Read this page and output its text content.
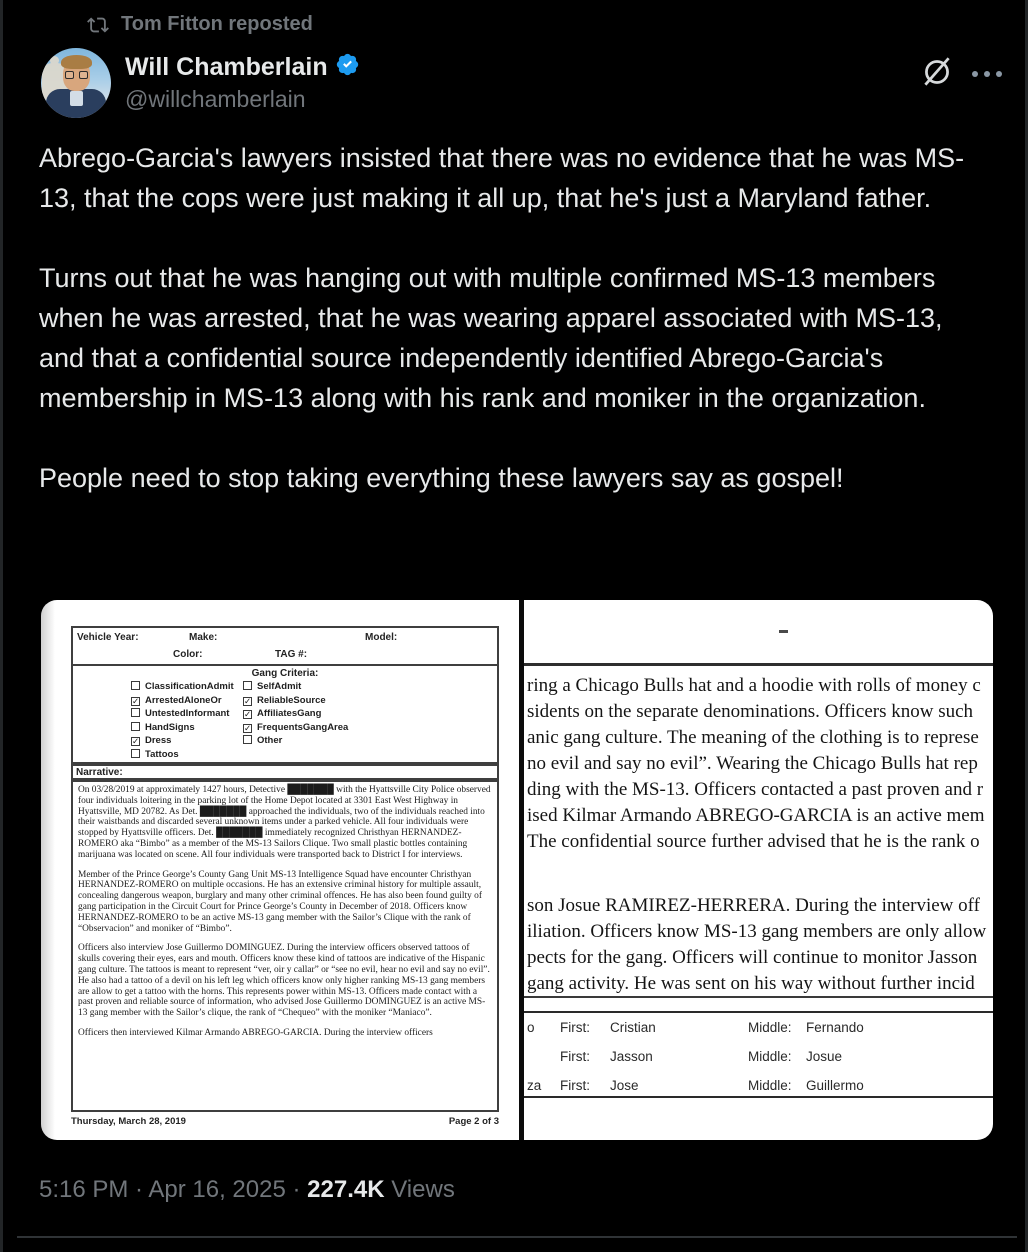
Tom Fitton reposted
Will Chamberlain
@willchamberlain

Abrego-Garcia's lawyers insisted that there was no evidence that he was MS-13, that the cops were just making it all up, that he's just a Maryland father.

Turns out that he was hanging out with multiple confirmed MS-13 members when he was arrested, that he was wearing apparel associated with MS-13, and that a confidential source independently identified Abrego-Garcia's membership in MS-13 along with his rank and moniker in the organization.

People need to stop taking everything these lawyers say as gospel!

Vehicle Year:	Make:	Model:
Color:	TAG #:
Gang Criteria:
ClassificationAdmit	SelfAdmit
✓ ArrestedAloneOr	✓ ReliableSource
UntestedInformant	✓ AffiliatesGang
HandSigns	✓ FrequentsGangArea
✓ Dress	Other
Tattoos
Narrative:

On 03/28/2019 at approximately 1427 hours, Detective ███████ with the Hyattsville City Police observed four individuals loitering in the parking lot of the Home Depot located at 3301 East West Highway in Hyattsville, MD 20782. As Det. ███████ approached the individuals, two of the individuals reached into their waistbands and discarded several unknown items under a parked vehicle. All four individuals were stopped by Hyattsville officers. Det. ███████ immediately recognized Christhyan HERNANDEZ-ROMERO aka “Bimbo” as a member of the MS-13 Sailors Clique. Two small plastic bottles containing marijuana was located on scene. All four individuals were transported back to District I for interviews.

Member of the Prince George’s County Gang Unit MS-13 Intelligence Squad have encounter Christhyan HERNANDEZ-ROMERO on multiple occasions. He has an extensive criminal history for multiple assault, concealing dangerous weapon, burglary and many other criminal offences. He has also been found guilty of gang participation in the Circuit Court for Prince George’s County in December of 2018. Officers know HERNANDEZ-ROMERO to be an active MS-13 gang member with the Sailor’s Clique with the rank of “Observacion” and moniker of “Bimbo”.

Officers also interview Jose Guillermo DOMINGUEZ. During the interview officers observed tattoos of skulls covering their eyes, ears and mouth. Officers know these kind of tattoos are indicative of the Hispanic gang culture. The tattoos is meant to represent “ver, oir y callar” or “see no evil, hear no evil and say no evil”. He also had a tattoo of a devil on his left leg which officers know only higher ranking MS-13 gang members are allow to get a tattoo with the horns. This represents power within MS-13. Officers made contact with a past proven and reliable source of information, who advised Jose Guillermo DOMINGUEZ is an active MS-13 gang member with the Sailor’s clique, the rank of “Chequeo” with the moniker “Maniaco”.

Officers then interviewed Kilmar Armando ABREGO-GARCIA. During the interview officers

Thursday, March 28, 2019	Page 2 of 3
ring a Chicago Bulls hat and a hoodie with rolls of money c
sidents on the separate denominations. Officers know such
anic gang culture. The meaning of the clothing is to represe
no evil and say no evil”. Wearing the Chicago Bulls hat rep
ding with the MS-13. Officers contacted a past proven and r
ised Kilmar Armando ABREGO-GARCIA is an active mem
The confidential source further advised that he is the rank o
son Josue RAMIREZ-HERRERA. During the interview off
iliation. Officers know MS-13 gang members are only allow
pects for the gang. Officers will continue to monitor Jasson
gang activity. He was sent on his way without further incid
o First: Cristian	Middle: Fernando
First: Jasson	Middle: Josue
za First: Jose	Middle: Guillermo
5:16 PM · Apr 16, 2025 · 227.4K Views
